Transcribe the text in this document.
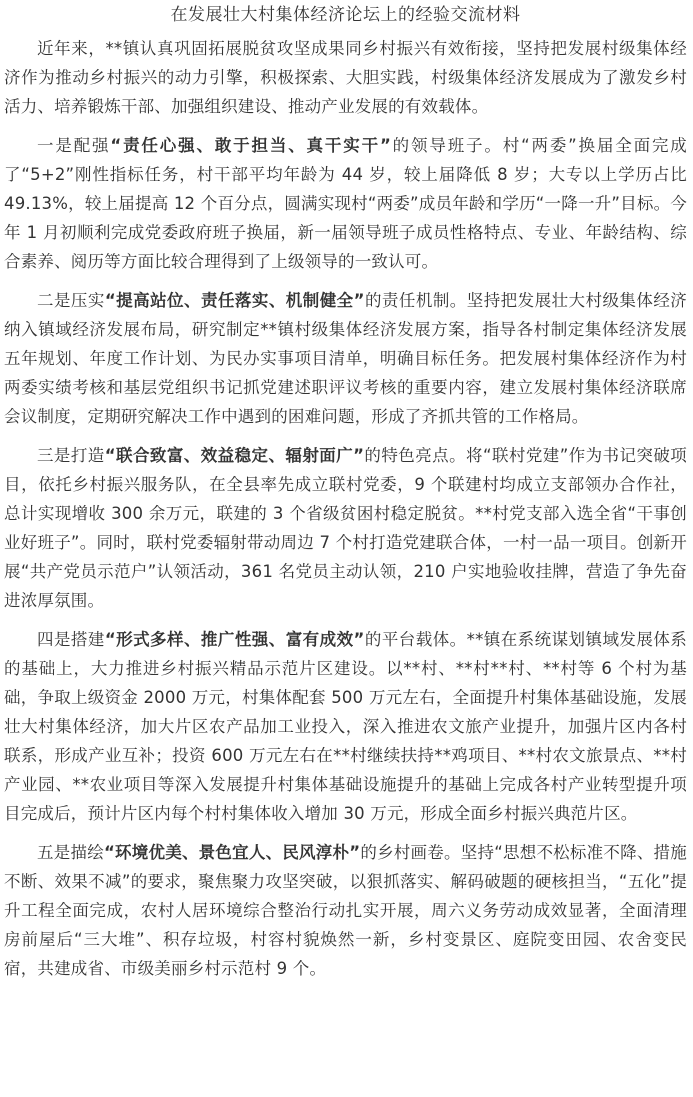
在发展壮大村集体经济论坛上的经验交流材料

近年来，**镇认真巩固拓展脱贫攻坚成果同乡村振兴有效衔接，坚持把发展村级集体经济作为推动乡村振兴的动力引擎，积极探索、大胆实践，村级集体经济发展成为了激发乡村活力、培养锻炼干部、加强组织建设、推动产业发展的有效载体。

一是配强“责任心强、敢于担当、真干实干”的领导班子。村“两委”换届全面完成了“5+2”刚性指标任务，村干部平均年龄为 44 岁，较上届降低 8 岁；大专以上学历占比 49.13%，较上届提高 12 个百分点，圆满实现村“两委”成员年龄和学历“一降一升”目标。今年 1 月初顺利完成党委政府班子换届，新一届领导班子成员性格特点、专业、年龄结构、综合素养、阅历等方面比较合理得到了上级领导的一致认可。

二是压实“提高站位、责任落实、机制健全”的责任机制。坚持把发展壮大村级集体经济纳入镇域经济发展布局，研究制定**镇村级集体经济发展方案，指导各村制定集体经济发展五年规划、年度工作计划、为民办实事项目清单，明确目标任务。把发展村集体经济作为村两委实绩考核和基层党组织书记抓党建述职评议考核的重要内容，建立发展村集体经济联席会议制度，定期研究解决工作中遇到的困难问题，形成了齐抓共管的工作格局。

三是打造“联合致富、效益稳定、辐射面广”的特色亮点。将“联村党建”作为书记突破项目，依托乡村振兴服务队，在全县率先成立联村党委，9 个联建村均成立支部领办合作社，总计实现增收 300 余万元，联建的 3 个省级贫困村稳定脱贫。**村党支部入选全省“干事创业好班子”。同时，联村党委辐射带动周边 7 个村打造党建联合体，一村一品一项目。创新开展“共产党员示范户”认领活动，361 名党员主动认领，210 户实地验收挂牌，营造了争先奋进浓厚氛围。

四是搭建“形式多样、推广性强、富有成效”的平台载体。**镇在系统谋划镇域发展体系的基础上，大力推进乡村振兴精品示范片区建设。以**村、**村**村、**村等 6 个村为基础，争取上级资金 2000 万元，村集体配套 500 万元左右，全面提升村集体基础设施，发展壮大村集体经济，加大片区农产品加工业投入，深入推进农文旅产业提升，加强片区内各村联系，形成产业互补；投资 600 万元左右在**村继续扶持**鸡项目、**村农文旅景点、**村产业园、**农业项目等深入发展提升村集体基础设施提升的基础上完成各村产业转型提升项目完成后，预计片区内每个村村集体收入增加 30 万元，形成全面乡村振兴典范片区。

五是描绘“环境优美、景色宜人、民风淳朴”的乡村画卷。坚持“思想不松标准不降、措施不断、效果不减”的要求，聚焦聚力攻坚突破，以狠抓落实、解码破题的硬核担当，“五化”提升工程全面完成，农村人居环境综合整治行动扎实开展，周六义务劳动成效显著，全面清理房前屋后“三大堆”、积存垃圾，村容村貌焕然一新，乡村变景区、庭院变田园、农舍变民宿，共建成省、市级美丽乡村示范村 9 个。
